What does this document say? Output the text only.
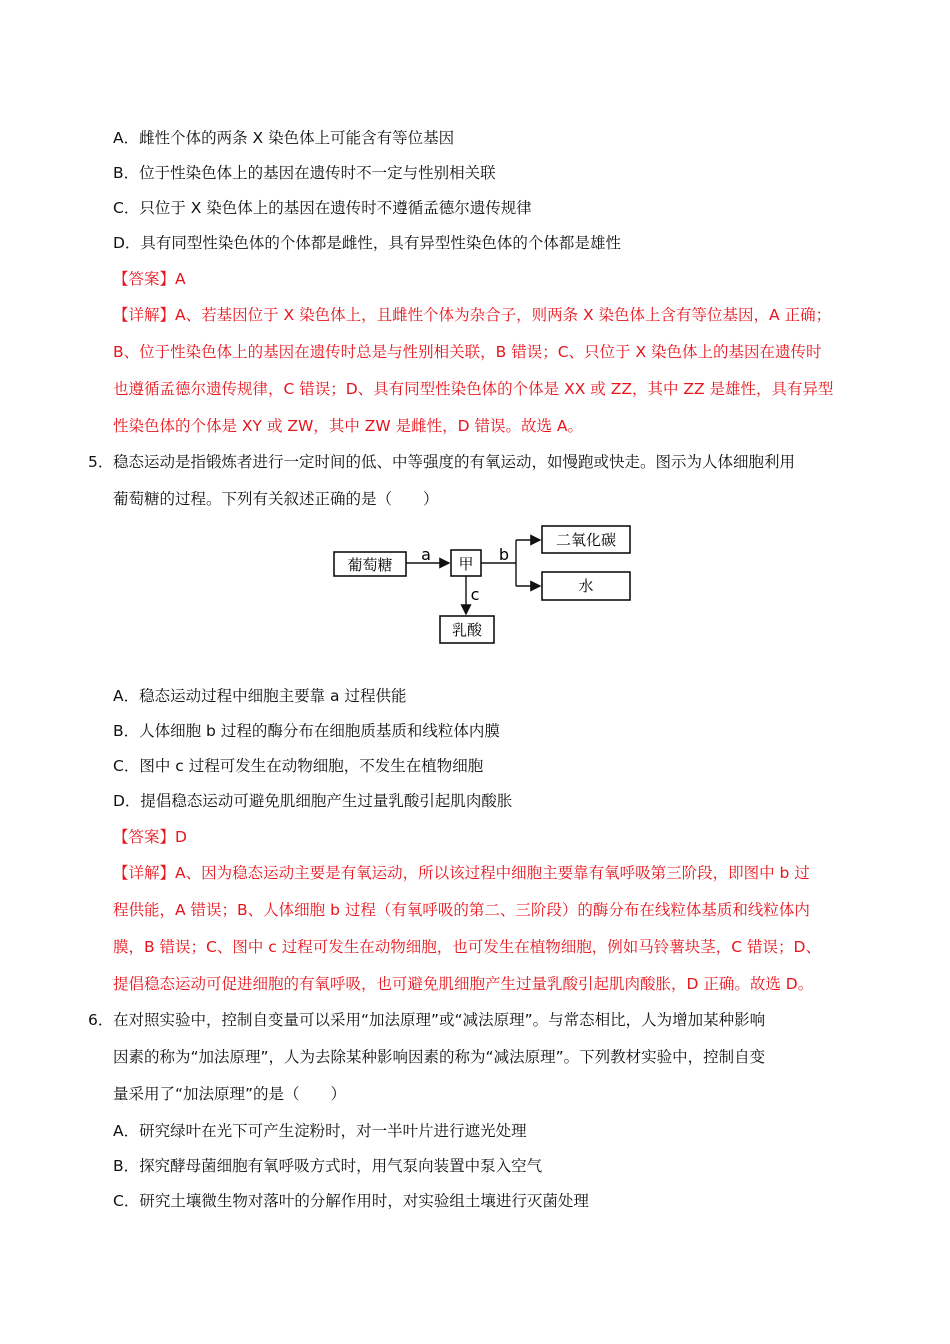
A．雌性个体的两条 X 染色体上可能含有等位基因
B．位于性染色体上的基因在遗传时不一定与性别相关联
C．只位于 X 染色体上的基因在遗传时不遵循孟德尔遗传规律
D．具有同型性染色体的个体都是雌性，具有异型性染色体的个体都是雄性
【答案】A
【详解】A、若基因位于 X 染色体上，且雌性个体为杂合子，则两条 X 染色体上含有等位基因，A 正确；
B、位于性染色体上的基因在遗传时总是与性别相关联，B 错误；C、只位于 X 染色体上的基因在遗传时
也遵循孟德尔遗传规律，C 错误；D、具有同型性染色体的个体是 XX 或 ZZ，其中 ZZ 是雄性，具有异型
性染色体的个体是 XY 或 ZW，其中 ZW 是雌性，D 错误。故选 A。
5． 稳态运动是指锻炼者进行一定时间的低、中等强度的有氧运动，如慢跑或快走。图示为人体细胞利用
葡萄糖的过程。下列有关叙述正确的是（　　）
葡萄糖
a 甲 b
二氧化碳
水
c
乳酸
A．稳态运动过程中细胞主要靠 a 过程供能
B．人体细胞 b 过程的酶分布在细胞质基质和线粒体内膜
C．图中 c 过程可发生在动物细胞，不发生在植物细胞
D．提倡稳态运动可避免肌细胞产生过量乳酸引起肌肉酸胀
【答案】D
【详解】A、因为稳态运动主要是有氧运动，所以该过程中细胞主要靠有氧呼吸第三阶段，即图中 b 过
程供能，A 错误；B、人体细胞 b 过程（有氧呼吸的第二、三阶段）的酶分布在线粒体基质和线粒体内
膜，B 错误；C、图中 c 过程可发生在动物细胞，也可发生在植物细胞，例如马铃薯块茎，C 错误；D、
提倡稳态运动可促进细胞的有氧呼吸，也可避免肌细胞产生过量乳酸引起肌肉酸胀，D 正确。故选 D。
6． 在对照实验中，控制自变量可以采用“加法原理”或“减法原理”。与常态相比，人为增加某种影响
因素的称为“加法原理”，人为去除某种影响因素的称为“减法原理”。下列教材实验中，控制自变
量采用了“加法原理”的是（　　）
A．研究绿叶在光下可产生淀粉时，对一半叶片进行遮光处理
B．探究酵母菌细胞有氧呼吸方式时，用气泵向装置中泵入空气
C．研究土壤微生物对落叶的分解作用时，对实验组土壤进行灭菌处理
